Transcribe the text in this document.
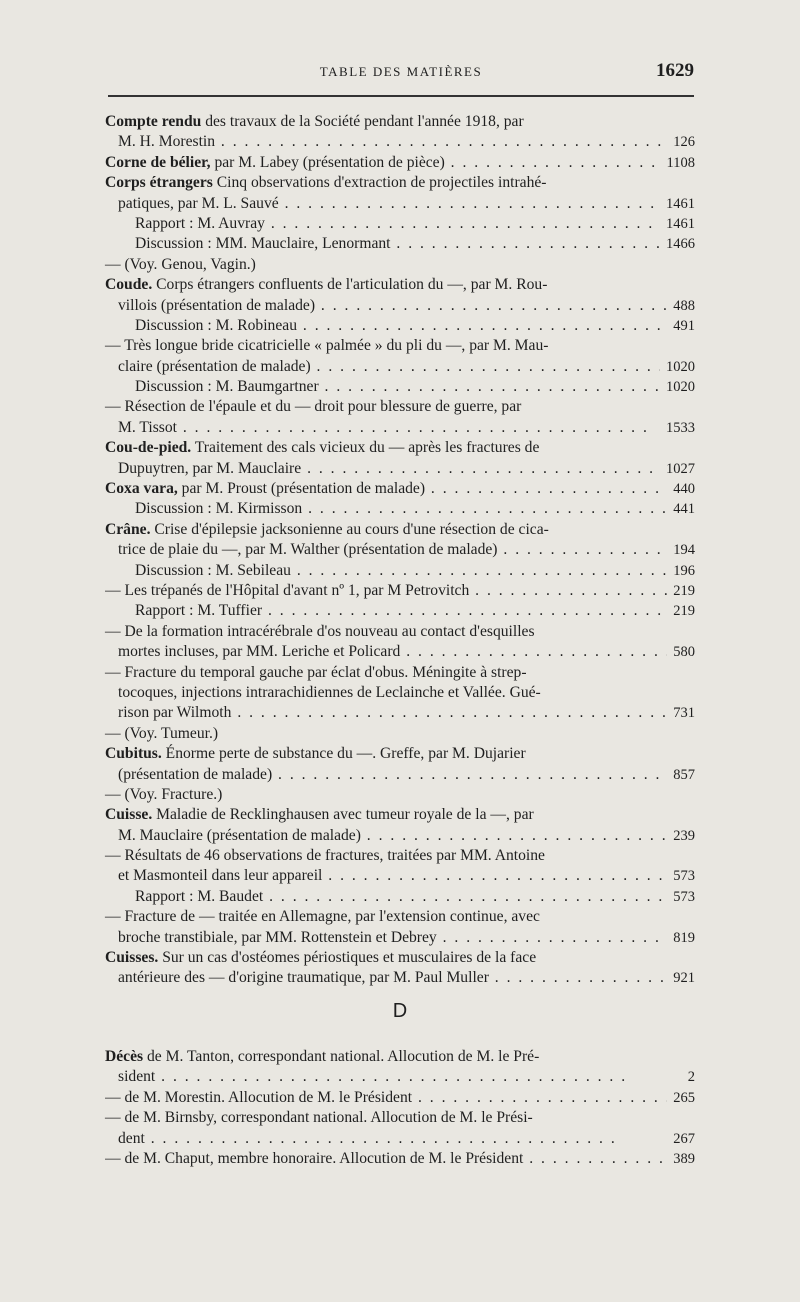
TABLE DES MATIÈRES	1629
Compte rendu des travaux de la Société pendant l'année 1918, par
M. H. Morestin . . .	126
Corne de bélier, par M. Labey (présentation de pièce) . . .	1108
Corps étrangers Cinq observations d'extraction de projectiles intrahé-
patiques, par M. L. Sauvé . . .	1461
Rapport : M. Auvray . . .	1461
Discussion : MM. Mauclaire, Lenormant . . .	1466
— (Voy. Genou, Vagin.)
Coude. Corps étrangers confluents de l'articulation du —, par M. Rou-
villois (présentation de malade) . . .	488
Discussion : M. Robineau . . .	491
— Très longue bride cicatricielle « palmée » du pli du —, par M. Mau-
claire (présentation de malade) . . .	1020
Discussion : M. Baumgartner . . .	1020
— Résection de l'épaule et du — droit pour blessure de guerre, par
M. Tissot . . .	1533
Cou-de-pied. Traitement des cals vicieux du — après les fractures de
Dupuytren, par M. Mauclaire . . .	1027
Coxa vara, par M. Proust (présentation de malade) . . .	440
Discussion : M. Kirmisson . . .	441
Crâne. Crise d'épilepsie jacksonienne au cours d'une résection de cica-
trice de plaie du —, par M. Walther (présentation de malade) . . .	194
Discussion : M. Sebileau . . .	196
— Les trépanés de l'Hôpital d'avant nº 1, par M Petrovitch . . .	219
Rapport : M. Tuffier . . .	219
— De la formation intracérébrale d'os nouveau au contact d'esquilles
mortes incluses, par MM. Leriche et Policard . . .	580
— Fracture du temporal gauche par éclat d'obus. Méningite à strep-
tocoques, injections intrarachidiennes de Leclainche et Vallée. Gué-
rison par Wilmoth . . .	731
— (Voy. Tumeur.)
Cubitus. Énorme perte de substance du —. Greffe, par M. Dujarier
(présentation de malade) . . .	857
— (Voy. Fracture.)
Cuisse. Maladie de Recklinghausen avec tumeur royale de la —, par
M. Mauclaire (présentation de malade) . . .	239
— Résultats de 46 observations de fractures, traitées par MM. Antoine
et Masmonteil dans leur appareil . . .	573
Rapport : M. Baudet . . .	573
— Fracture de — traitée en Allemagne, par l'extension continue, avec
broche transtibiale, par MM. Rottenstein et Debrey . . .	819
Cuisses. Sur un cas d'ostéomes périostiques et musculaires de la face
antérieure des — d'origine traumatique, par M. Paul Muller . . .	921
D
Décès de M. Tanton, correspondant national. Allocution de M. le Pré-
sident . . .	2
— de M. Morestin. Allocution de M. le Président . . .	265
— de M. Birnsby, correspondant national. Allocution de M. le Prési-
dent . . .	267
— de M. Chaput, membre honoraire. Allocution de M. le Président . . .	389
